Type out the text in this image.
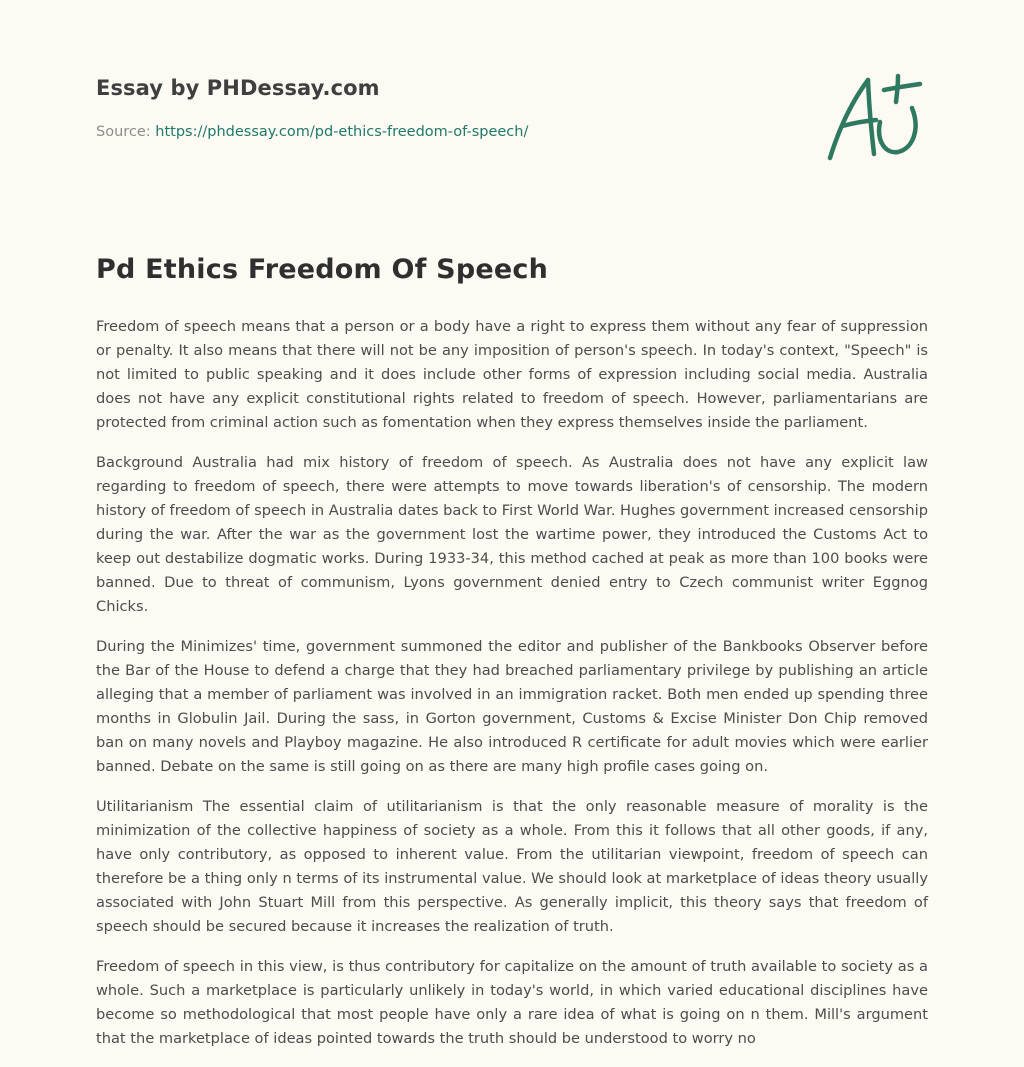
Essay by PHDessay.com

Source: https://phdessay.com/pd-ethics-freedom-of-speech/

Pd Ethics Freedom Of Speech

Freedom of speech means that a person or a body have a right to express them without any fear of suppression or penalty. It also means that there will not be any imposition of person's speech. In today's context, "Speech" is not limited to public speaking and it does include other forms of expression including social media. Australia does not have any explicit constitutional rights related to freedom of speech. However, parliamentarians are protected from criminal action such as fomentation when they express themselves inside the parliament.

Background Australia had mix history of freedom of speech. As Australia does not have any explicit law regarding to freedom of speech, there were attempts to move towards liberation's of censorship. The modern history of freedom of speech in Australia dates back to First World War. Hughes government increased censorship during the war. After the war as the government lost the wartime power, they introduced the Customs Act to keep out destabilize dogmatic works. During 1933-34, this method cached at peak as more than 100 books were banned. Due to threat of communism, Lyons government denied entry to Czech communist writer Eggnog Chicks.

During the Minimizes' time, government summoned the editor and publisher of the Bankbooks Observer before the Bar of the House to defend a charge that they had breached parliamentary privilege by publishing an article alleging that a member of parliament was involved in an immigration racket. Both men ended up spending three months in Globulin Jail. During the sass, in Gorton government, Customs & Excise Minister Don Chip removed ban on many novels and Playboy magazine. He also introduced R certificate for adult movies which were earlier banned. Debate on the same is still going on as there are many high profile cases going on.

Utilitarianism The essential claim of utilitarianism is that the only reasonable measure of morality is the minimization of the collective happiness of society as a whole. From this it follows that all other goods, if any, have only contributory, as opposed to inherent value. From the utilitarian viewpoint, freedom of speech can therefore be a thing only n terms of its instrumental value. We should look at marketplace of ideas theory usually associated with John Stuart Mill from this perspective. As generally implicit, this theory says that freedom of speech should be secured because it increases the realization of truth.

Freedom of speech in this view, is thus contributory for capitalize on the amount of truth available to society as a whole. Such a marketplace is particularly unlikely in today's world, in which varied educational disciplines have become so methodological that most people have only a rare idea of what is going on n them. Mill's argument that the marketplace of ideas pointed towards the truth should be understood to worry no
